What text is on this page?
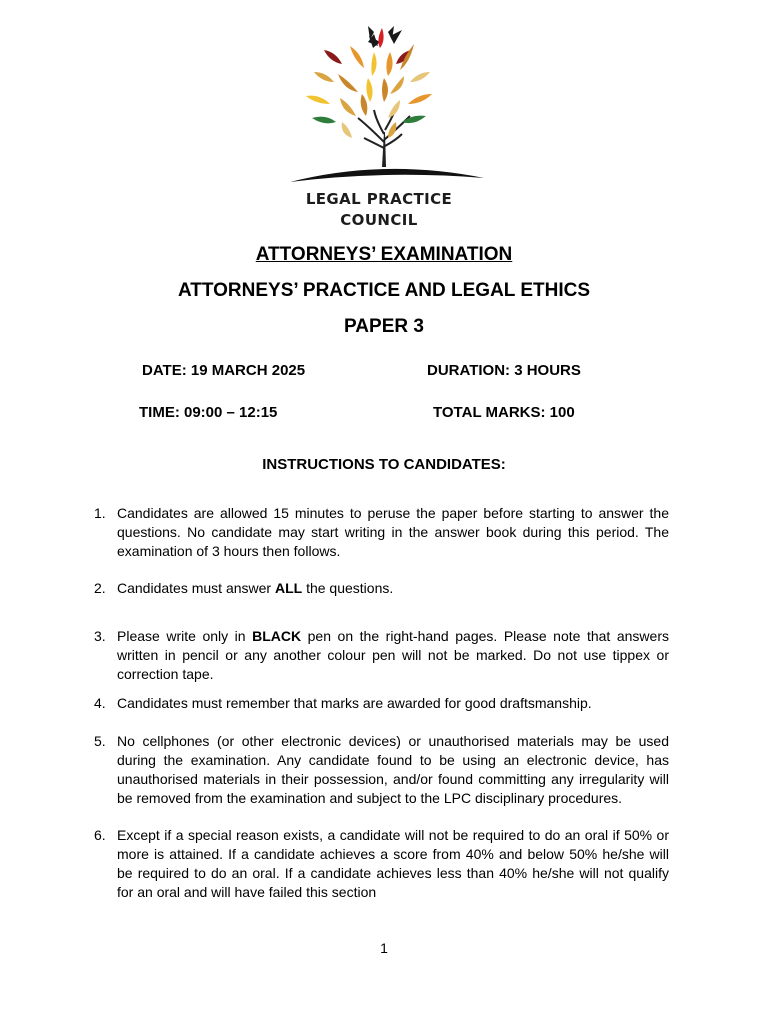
LEGAL PRACTICE
COUNCIL
ATTORNEYS’ EXAMINATION
ATTORNEYS’ PRACTICE AND LEGAL ETHICS
PAPER 3
DATE: 19 MARCH 2025	DURATION: 3 HOURS
TIME: 09:00 – 12:15	TOTAL MARKS: 100
INSTRUCTIONS TO CANDIDATES:
1. Candidates are allowed 15 minutes to peruse the paper before starting to answer the questions. No candidate may start writing in the answer book during this period. The examination of 3 hours then follows.
2. Candidates must answer ALL the questions.
3. Please write only in BLACK pen on the right-hand pages. Please note that answers written in pencil or any another colour pen will not be marked. Do not use tippex or correction tape.
4. Candidates must remember that marks are awarded for good draftsmanship.
5. No cellphones (or other electronic devices) or unauthorised materials may be used during the examination. Any candidate found to be using an electronic device, has unauthorised materials in their possession, and/or found committing any irregularity will be removed from the examination and subject to the LPC disciplinary procedures.
6. Except if a special reason exists, a candidate will not be required to do an oral if 50% or more is attained. If a candidate achieves a score from 40% and below 50% he/she will be required to do an oral. If a candidate achieves less than 40% he/she will not qualify for an oral and will have failed this section
1
